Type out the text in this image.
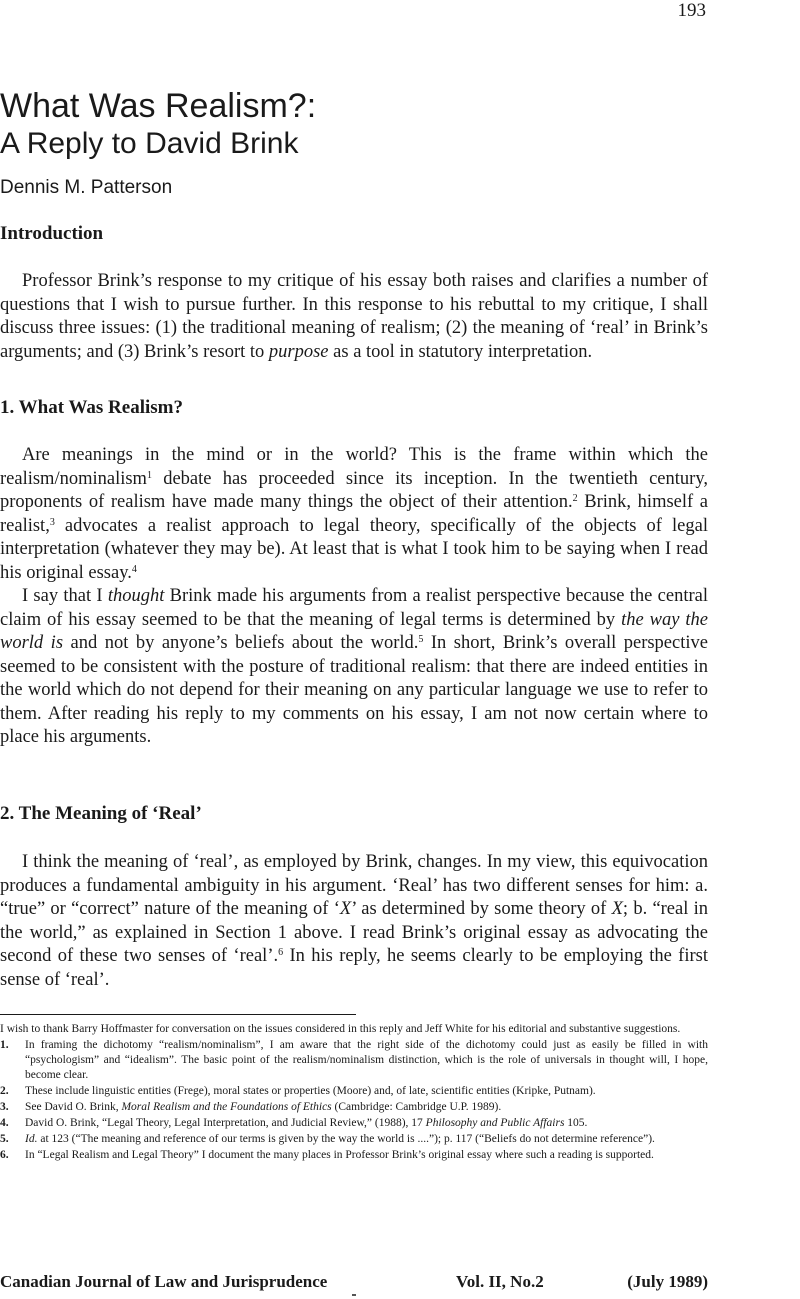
193
What Was Realism?:
A Reply to David Brink
Dennis M. Patterson
Introduction

Professor Brink’s response to my critique of his essay both raises and clarifies a number of questions that I wish to pursue further. In this response to his rebuttal to my critique, I shall discuss three issues: (1) the traditional meaning of realism; (2) the meaning of ‘real’ in Brink’s arguments; and (3) Brink’s resort to purpose as a tool in statutory interpretation.

1. What Was Realism?

Are meanings in the mind or in the world? This is the frame within which the realism/nominalism$^1$ debate has proceeded since its inception. In the twentieth century, proponents of realism have made many things the object of their attention.$^2$ Brink, himself a realist,$^3$ advocates a realist approach to legal theory, specifically of the objects of legal interpretation (whatever they may be). At least that is what I took him to be saying when I read his original essay.$^4$

I say that I thought Brink made his arguments from a realist perspective because the central claim of his essay seemed to be that the meaning of legal terms is determined by the way the world is and not by anyone’s beliefs about the world.$^5$ In short, Brink’s overall perspective seemed to be consistent with the posture of traditional realism: that there are indeed entities in the world which do not depend for their meaning on any particular language we use to refer to them. After reading his reply to my comments on his essay, I am not now certain where to place his arguments.

2. The Meaning of ‘Real’

I think the meaning of ‘real’, as employed by Brink, changes. In my view, this equivocation produces a fundamental ambiguity in his argument. ‘Real’ has two different senses for him: a. “true” or “correct” nature of the meaning of ‘X’ as determined by some theory of X; b. “real in the world,” as explained in Section 1 above. I read Brink’s original essay as advocating the second of these two senses of ‘real’.$^6$ In his reply, he seems clearly to be employing the first sense of ‘real’.

I wish to thank Barry Hoffmaster for conversation on the issues considered in this reply and Jeff White for his editorial and substantive suggestions.

1.	In framing the dichotomy “realism/nominalism”, I am aware that the right side of the dichotomy could just as easily be filled in with “psychologism” and “idealism”. The basic point of the realism/nominalism distinction, which is the role of universals in thought will, I hope, become clear.
2.	These include linguistic entities (Frege), moral states or properties (Moore) and, of late, scientific entities (Kripke, Putnam).
3.	See David O. Brink, Moral Realism and the Foundations of Ethics (Cambridge: Cambridge U.P. 1989).
4.	David O. Brink, “Legal Theory, Legal Interpretation, and Judicial Review,” (1988), 17 Philosophy and Public Affairs 105.
5.	Id. at 123 (“The meaning and reference of our terms is given by the way the world is ....”); p. 117 (“Beliefs do not determine reference”).
6.	In “Legal Realism and Legal Theory” I document the many places in Professor Brink’s original essay where such a reading is supported.
Canadian Journal of Law and Jurisprudence	Vol. II, No.2	(July 1989)
